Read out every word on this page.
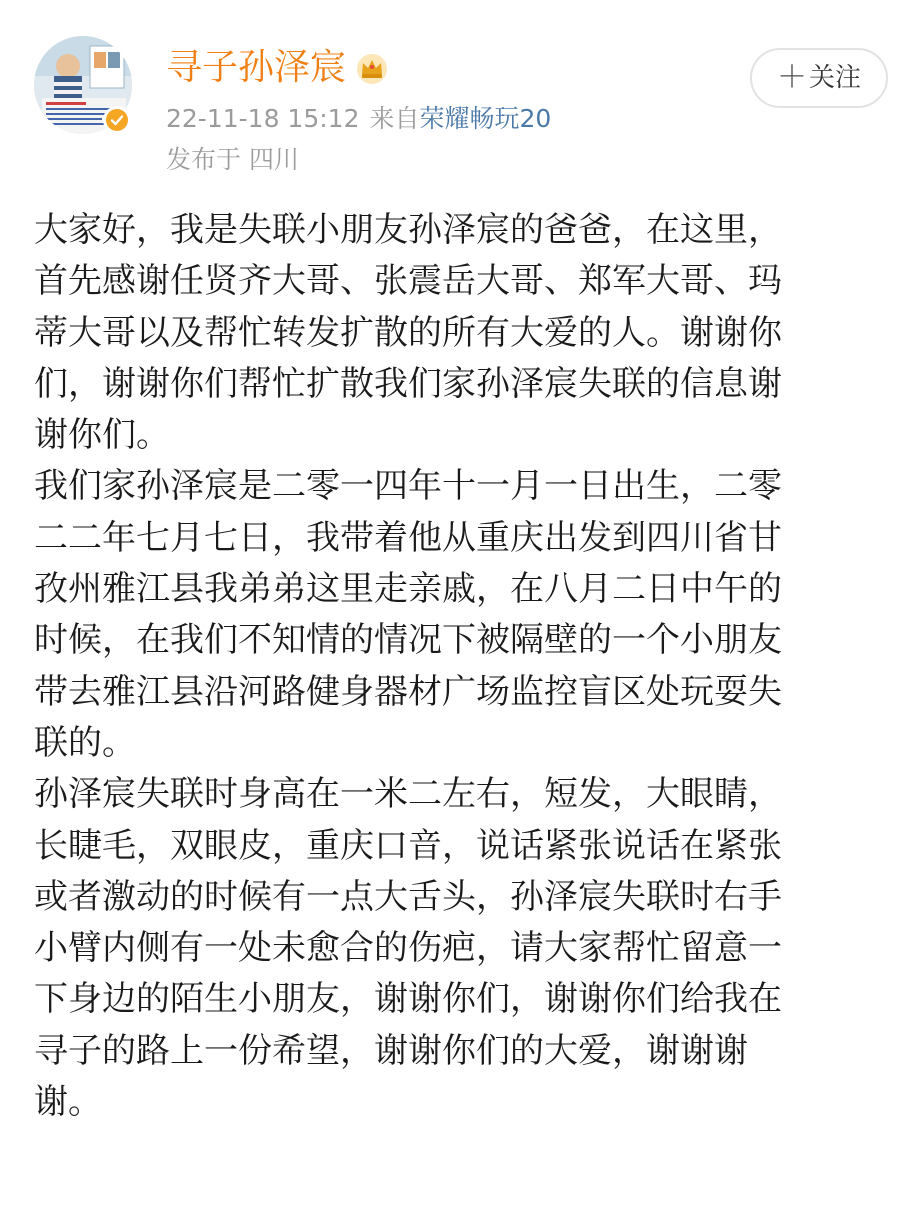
寻子孙泽宸
22-11-18 15:12 来自荣耀畅玩20
发布于 四川
＋ 关注
大家好，我是失联小朋友孙泽宸的爸爸，在这里，
首先感谢任贤齐大哥、张震岳大哥、郑军大哥、玛
蒂大哥以及帮忙转发扩散的所有大爱的人。谢谢你
们，谢谢你们帮忙扩散我们家孙泽宸失联的信息谢
谢你们。
我们家孙泽宸是二零一四年十一月一日出生，二零
二二年七月七日，我带着他从重庆出发到四川省甘
孜州雅江县我弟弟这里走亲戚，在八月二日中午的
时候，在我们不知情的情况下被隔壁的一个小朋友
带去雅江县沿河路健身器材广场监控盲区处玩耍失
联的。
孙泽宸失联时身高在一米二左右，短发，大眼睛，
长睫毛，双眼皮，重庆口音，说话紧张说话在紧张
或者激动的时候有一点大舌头，孙泽宸失联时右手
小臂内侧有一处未愈合的伤疤，请大家帮忙留意一
下身边的陌生小朋友，谢谢你们，谢谢你们给我在
寻子的路上一份希望，谢谢你们的大爱，谢谢谢
谢。
